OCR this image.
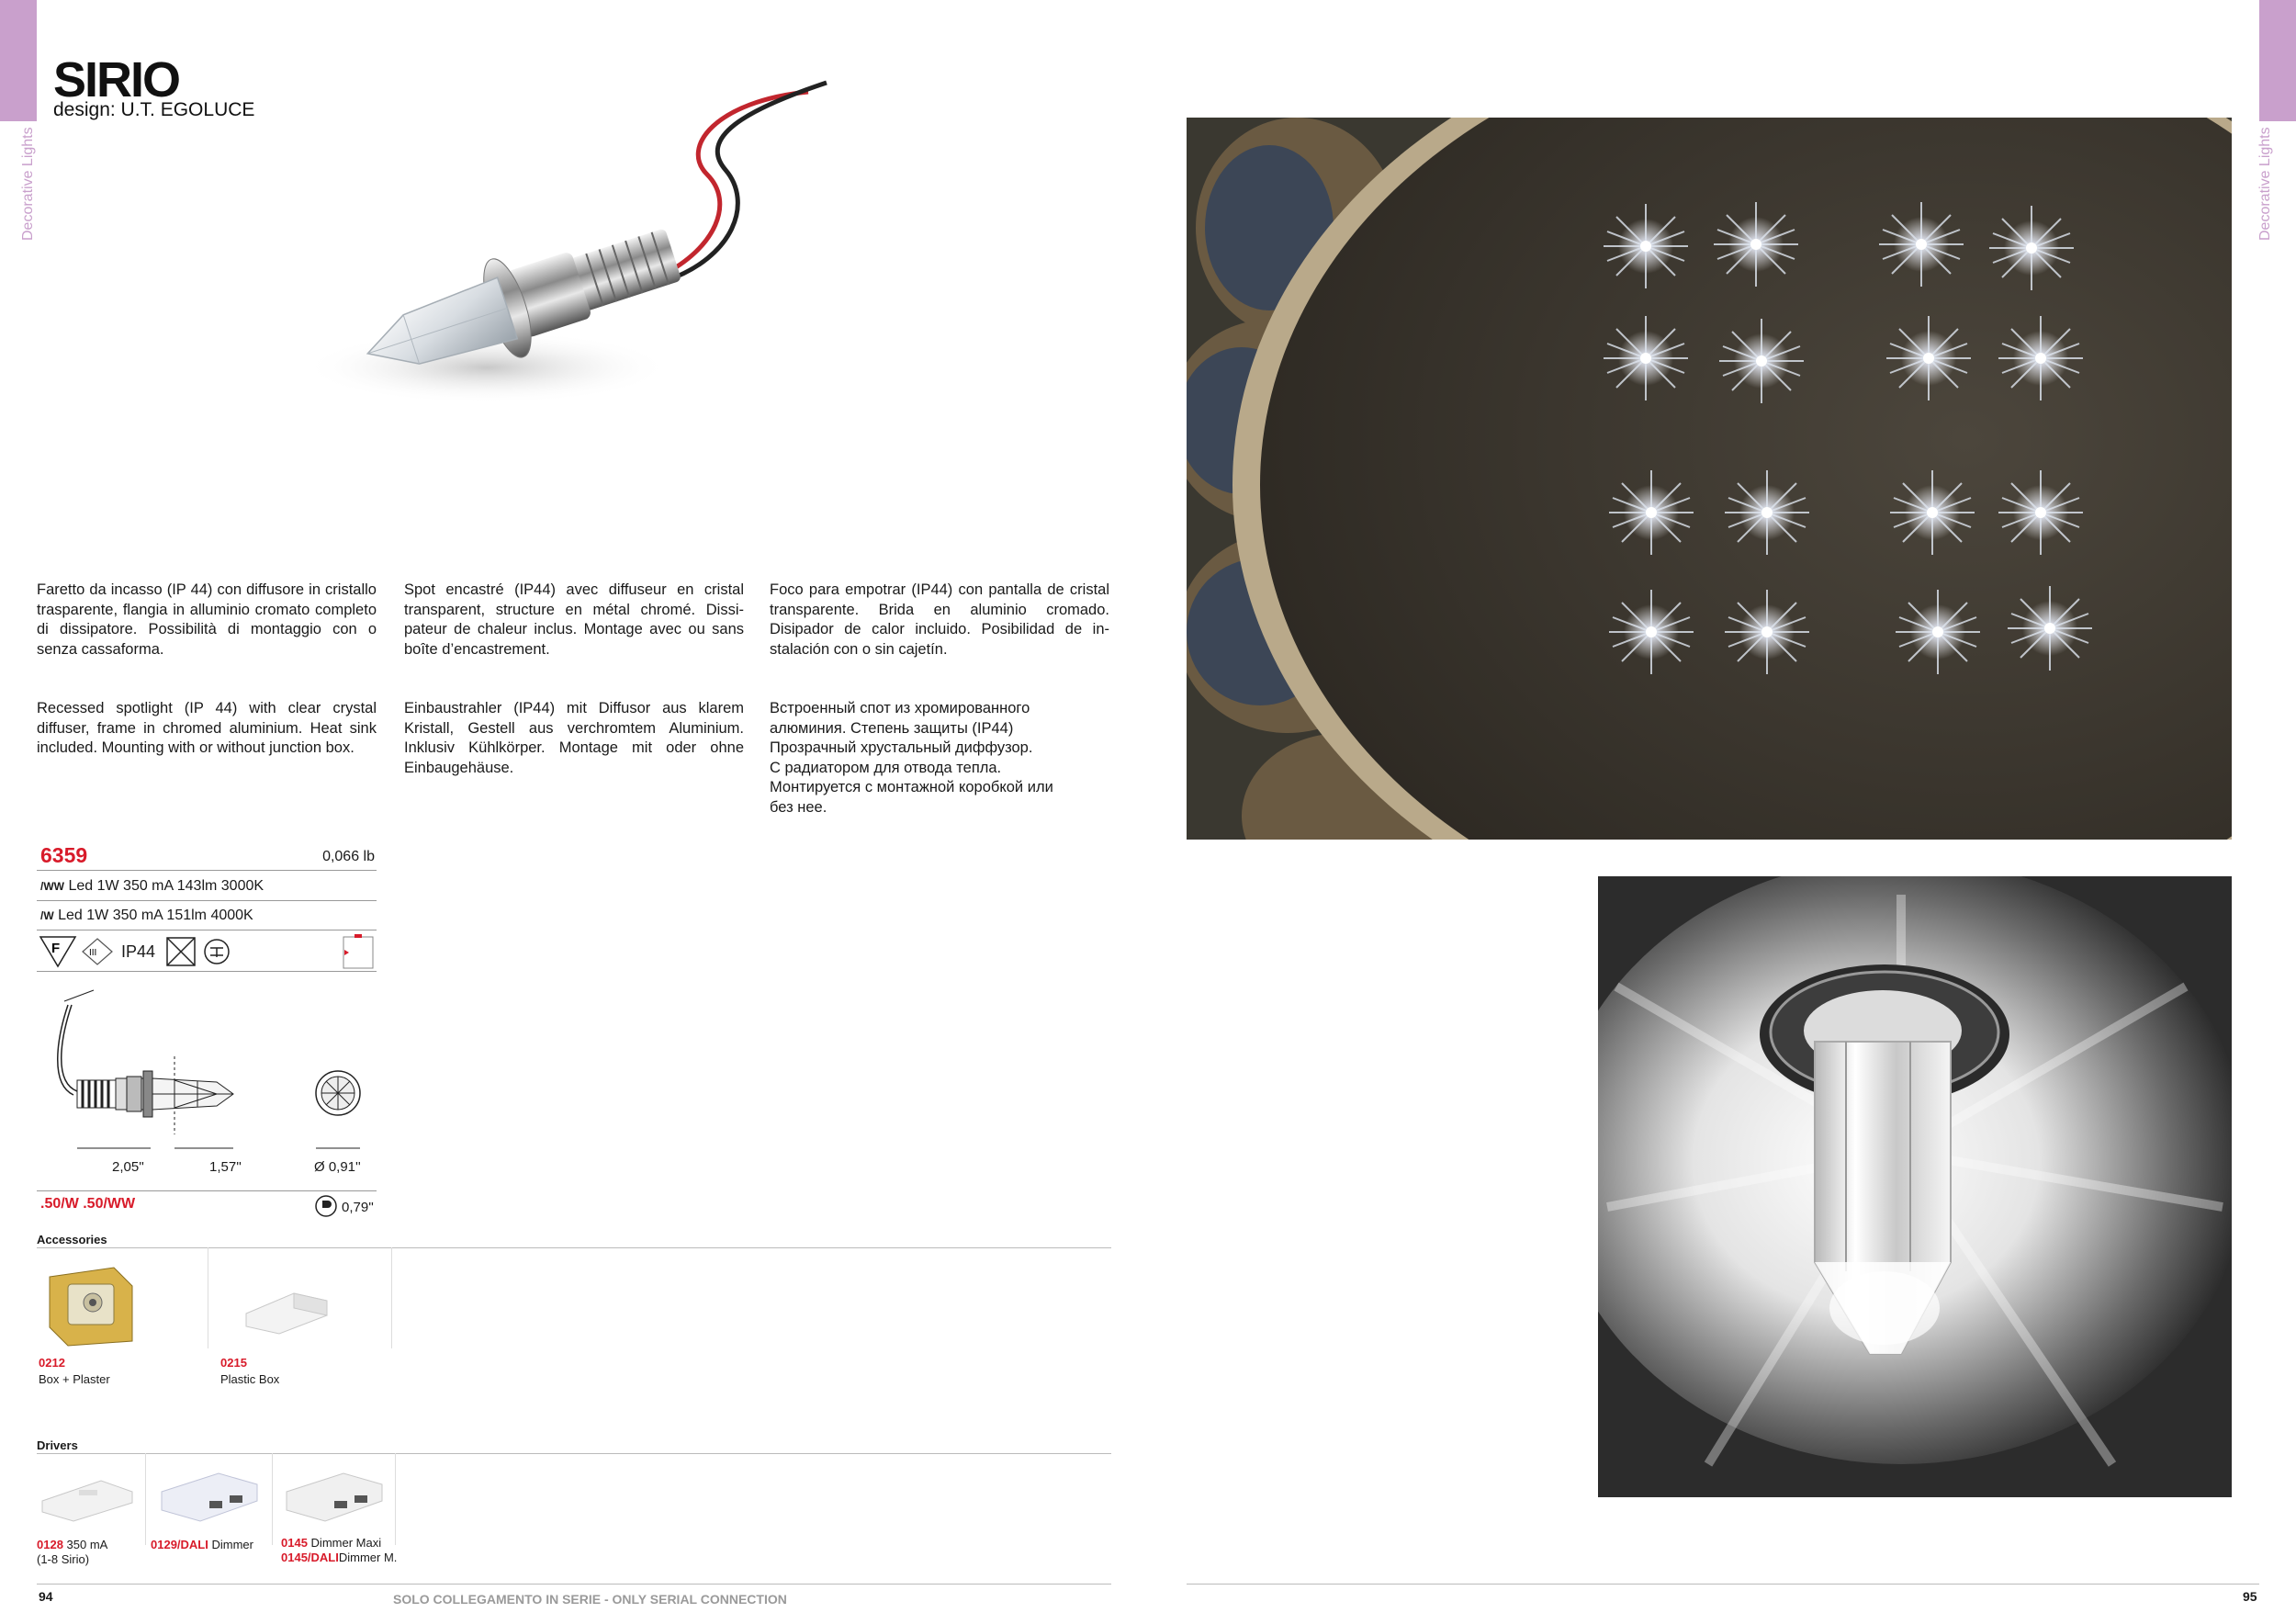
Decorative Lights	Decorative Lights
SIRIO
design: U.T. EGOLUCE
Faretto da incasso (IP 44) con diffusore in cristallo trasparente, flangia in alluminio cromato completo di dissipatore. Possibilità di montaggio con o senza cassaforma.
Spot encastré (IP44) avec diffuseur en cristal transparent, structure en métal chromé. Dissipateur de chaleur inclus. Montage avec ou sans boîte d’encastrement.
Foco para empotrar (IP44) con pantalla de cristal transparente. Brida en aluminio cromado. Disipador de calor incluido. Posibilidad de instalación con o sin cajetín.
Recessed spotlight (IP 44) with clear crystal diffuser, frame in chromed aluminium. Heat sink included. Mounting with or without junction box.
Einbaustrahler (IP44) mit Diffusor aus klarem Kristall, Gestell aus verchromtem Aluminium. Inklusiv Kühlkörper. Montage mit oder ohne Einbaugehäuse.
Встроенный спот из хромированного
алюминия. Степень защиты (IP44)
Прозрачный хрустальный диффузор.
С радиатором для отвода тепла.
Монтируется с монтажной коробкой или
без нее.
6359	0,066 lb
/WW Led 1W 350 mA 143lm 3000K
/W Led 1W 350 mA 151lm 4000K
F	III IP44
2,05''	1,57''	Ø 0,91''
.50/W .50/WW	0,79''
Accessories
0212
Box + Plaster
0215
Plastic Box
Drivers
0128 350 mA
(1-8 Sirio)
0129/DALI Dimmer 0145 Dimmer Maxi
0145/DALIDimmer M.
94	SOLO COLLEGAMENTO IN SERIE - ONLY SERIAL CONNECTION	95
